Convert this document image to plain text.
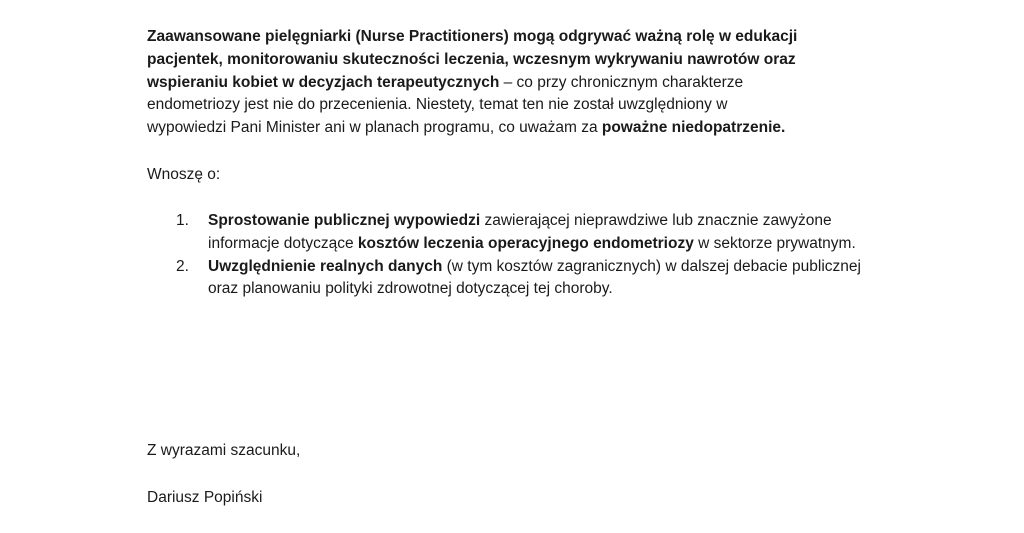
Zaawansowane pielęgniarki (Nurse Practitioners) mogą odgrywać ważną rolę w edukacji
pacjentek, monitorowaniu skuteczności leczenia, wczesnym wykrywaniu nawrotów oraz
wspieraniu kobiet w decyzjach terapeutycznych – co przy chronicznym charakterze
endometriozy jest nie do przecenienia. Niestety, temat ten nie został uwzględniony w
wypowiedzi Pani Minister ani w planach programu, co uważam za poważne niedopatrzenie.
Wnoszę o:
1.	Sprostowanie publicznej wypowiedzi zawierającej nieprawdziwe lub znacznie zawyżone informacje dotyczące kosztów leczenia operacyjnego endometriozy w sektorze prywatnym.
2.	Uwzględnienie realnych danych (w tym kosztów zagranicznych) w dalszej debacie publicznej oraz planowaniu polityki zdrowotnej dotyczącej tej choroby.
Z wyrazami szacunku,
Dariusz Popiński
